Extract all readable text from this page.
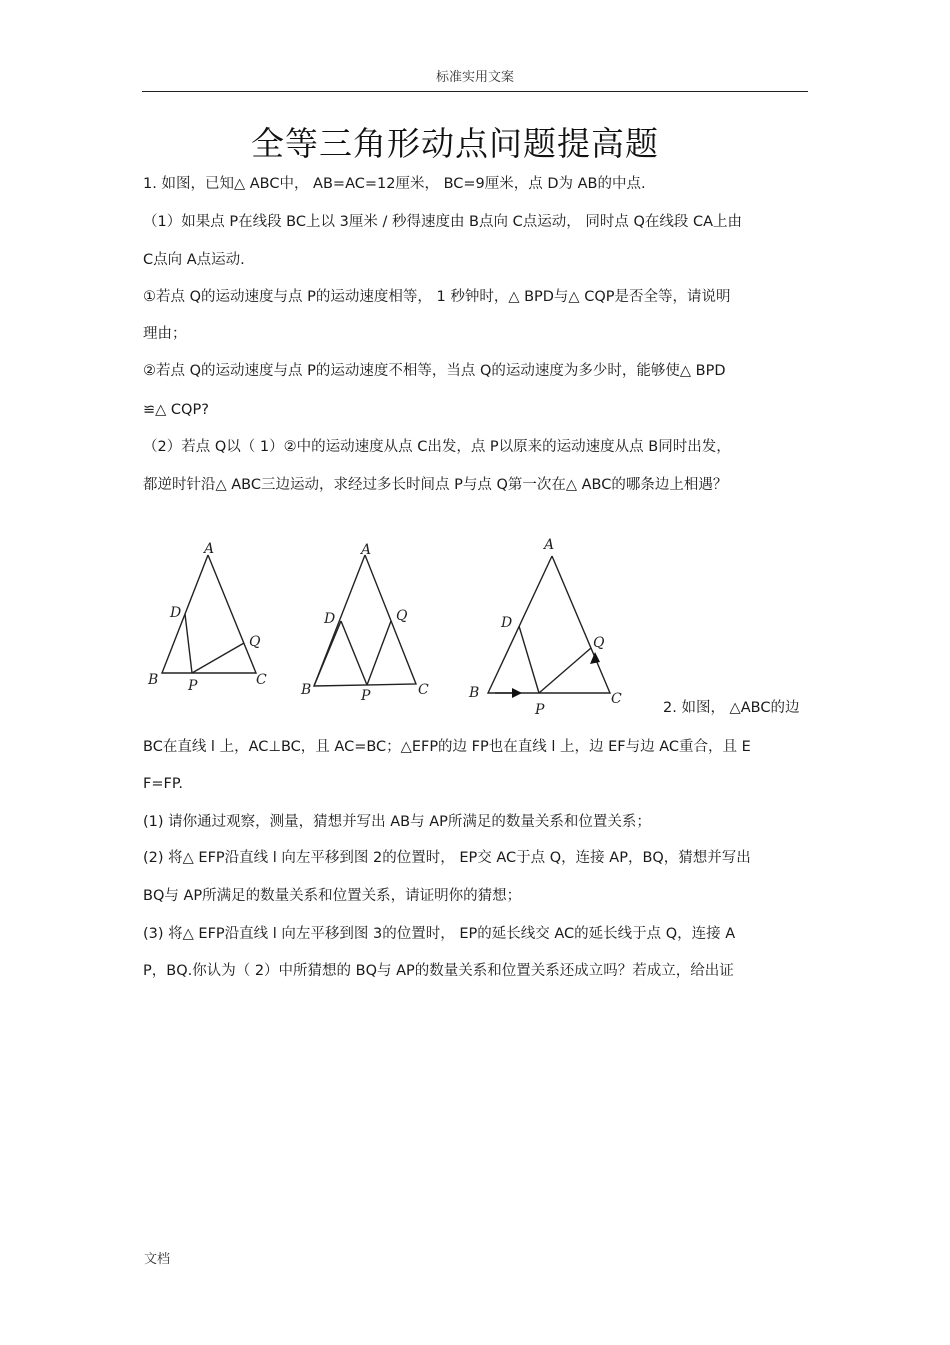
标准实用文案
全等三角形动点问题提高题
1. 如图，已知△ ABC中， AB=AC=12厘米， BC=9厘米，点 D为 AB的中点.
（1）如果点 P在线段 BC上以 3厘米 / 秒得速度由 B点向 C点运动， 同时点 Q在线段 CA上由
C点向 A点运动.
①若点 Q的运动速度与点 P的运动速度相等， 1 秒钟时，△ BPD与△ CQP是否全等，请说明
理由；
②若点 Q的运动速度与点 P的运动速度不相等，当点 Q的运动速度为多少时，能够使△ BPD
≌△ CQP?
（2）若点 Q以（ 1）②中的运动速度从点 C出发，点 P以原来的运动速度从点 B同时出发，
都逆时针沿△ ABC三边运动，求经过多长时间点 P与点 Q第一次在△ ABC的哪条边上相遇？
2. 如图， △ABC的边
BC在直线 l 上，AC⊥BC，且 AC=BC；△EFP的边 FP也在直线 l 上，边 EF与边 AC重合，且 E
F=FP.
(1) 请你通过观察，测量，猜想并写出 AB与 AP所满足的数量关系和位置关系；
(2) 将△ EFP沿直线 l 向左平移到图 2的位置时， EP交 AC于点 Q，连接 AP，BQ，猜想并写出
BQ与 AP所满足的数量关系和位置关系，请证明你的猜想；
(3) 将△ EFP沿直线 l 向左平移到图 3的位置时， EP的延长线交 AC的延长线于点 Q，连接 A
P，BQ.你认为（ 2）中所猜想的 BQ与 AP的数量关系和位置关系还成立吗？若成立，给出证
A
D
Q
B P	C
A
D	Q
B	P	C
A
D
Q
B
P
C
文档
